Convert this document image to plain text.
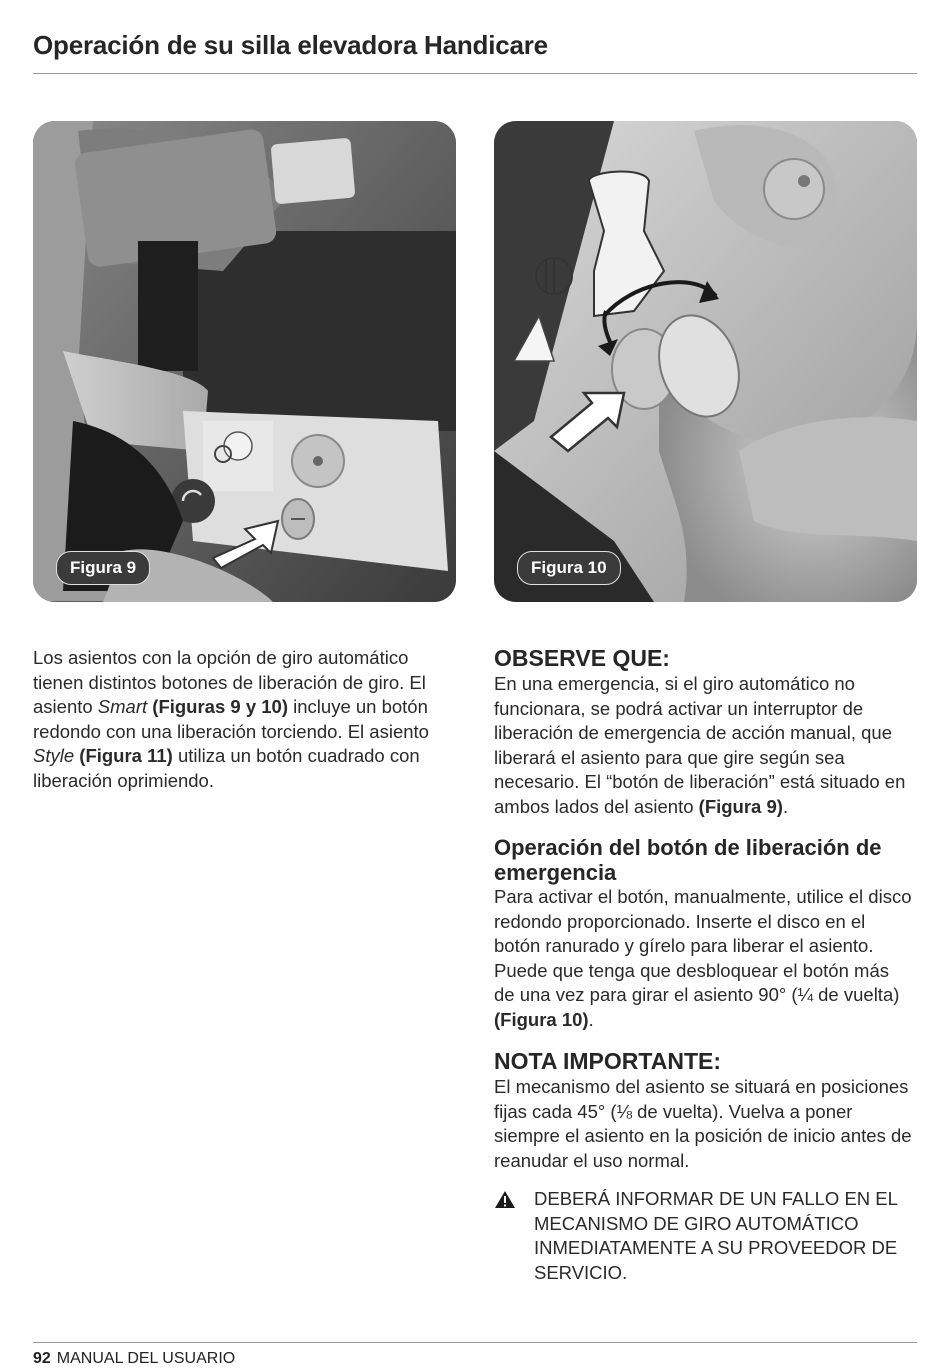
Operación de su silla elevadora Handicare
Figura 9	Figura 10

Los asientos con la opción de giro automático tienen distintos botones de liberación de giro. El asiento Smart (Figuras 9 y 10) incluye un botón redondo con una liberación torciendo. El asiento Style (Figura 11) utiliza un botón cuadrado con liberación oprimiendo.

OBSERVE QUE:

En una emergencia, si el giro automático no funcionara, se podrá activar un interruptor de liberación de emergencia de acción manual, que liberará el asiento para que gire según sea necesario. El “botón de liberación” está situado en ambos lados del asiento (Figura 9).

Operación del botón de liberación de emergencia

Para activar el botón, manualmente, utilice el disco redondo proporcionado. Inserte el disco en el botón ranurado y gírelo para liberar el asiento. Puede que tenga que desbloquear el botón más de una vez para girar el asiento 90° (¼ de vuelta) (Figura 10).

NOTA IMPORTANTE:

El mecanismo del asiento se situará en posiciones fijas cada 45° (⅛ de vuelta). Vuelva a poner siempre el asiento en la posición de inicio antes de reanudar el uso normal.

DEBERÁ INFORMAR DE UN FALLO EN EL MECANISMO DE GIRO AUTOMÁTICO INMEDIATAMENTE A SU PROVEEDOR DE SERVICIO.
92 MANUAL DEL USUARIO
